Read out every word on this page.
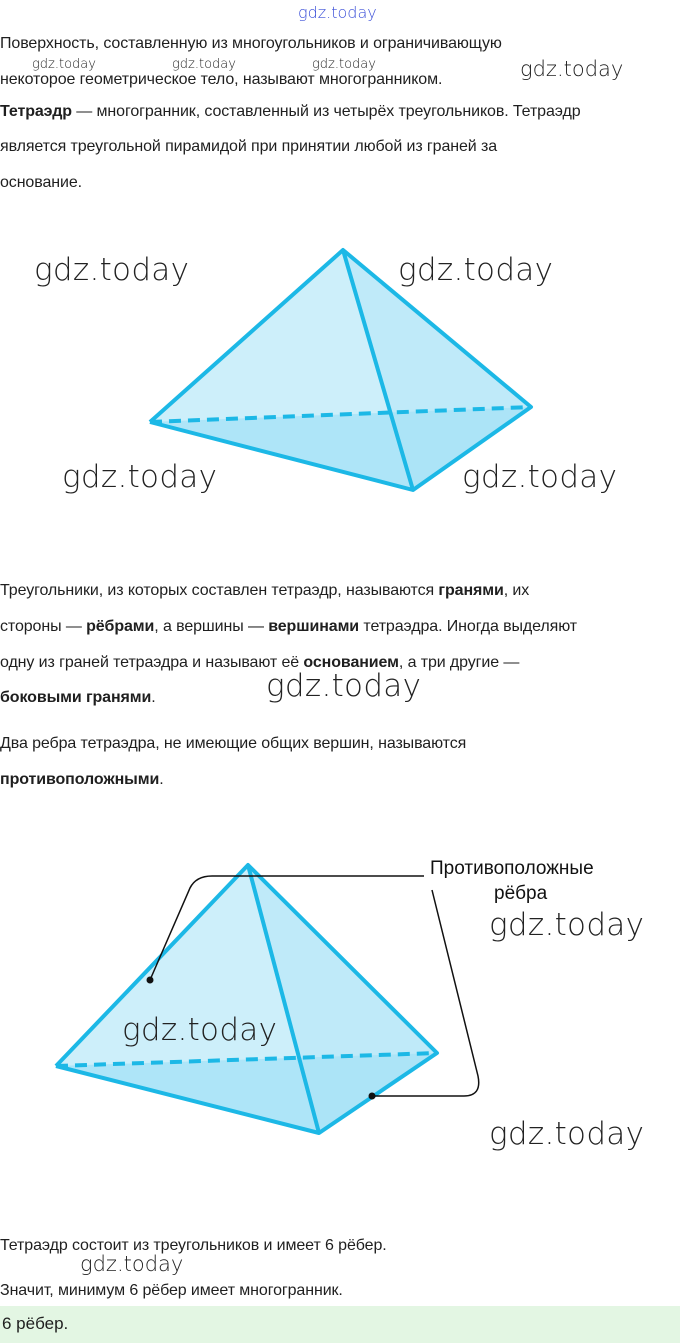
gdz.today
Поверхность, составленную из многоугольников и ограничивающую
некоторое геометрическое тело, называют многогранником.
gdz.today	gdz.today	gdz.today	gdz.today
Тетраэдр — многогранник, составленный из четырёх треугольников. Тетраэдр
является треугольной пирамидой при принятии любой из граней за
основание.
gdz.today	gdz.today
gdz.today	gdz.today
Треугольники, из которых составлен тетраэдр, называются гранями, их
стороны — рёбрами, а вершины — вершинами тетраэдра. Иногда выделяют
одну из граней тетраэдра и называют её основанием, а три другие —
боковыми гранями.	gdz.today
Два ребра тетраэдра, не имеющие общих вершин, называются
противоположными.
Противоположные
рёбра
gdz.today
gdz.today
gdz.today
Тетраэдр состоит из треугольников и имеет 6 рёбер.
gdz.today
Значит, минимум 6 рёбер имеет многогранник.
6 рёбер.
